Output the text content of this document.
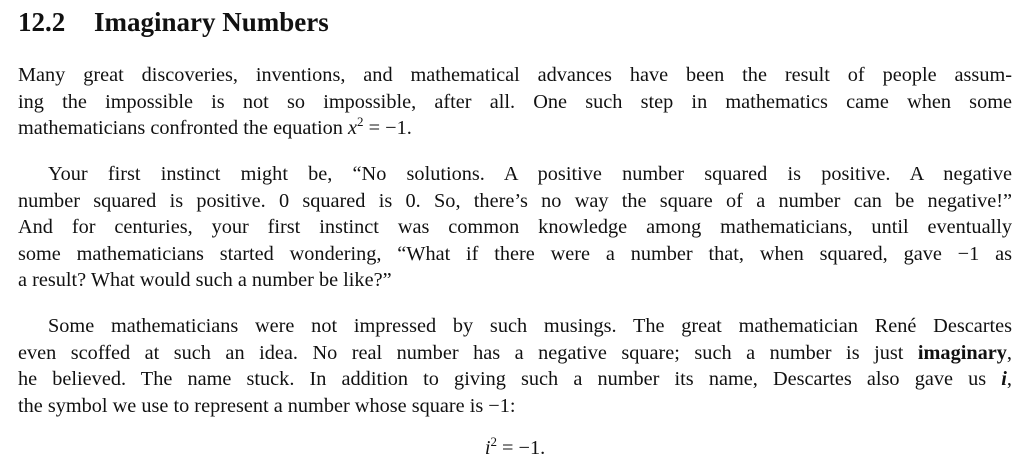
12.2 Imaginary Numbers

Many great discoveries, inventions, and mathematical advances have been the result of people assum-
ing the impossible is not so impossible, after all. One such step in mathematics came when some
mathematicians confronted the equation $x^2 = -1$.

Your first instinct might be, “No solutions. A positive number squared is positive. A negative
number squared is positive. 0 squared is 0. So, there’s no way the square of a number can be negative!”
And for centuries, your first instinct was common knowledge among mathematicians, until eventually
some mathematicians started wondering, “What if there were a number that, when squared, gave −1 as
a result? What would such a number be like?”

Some mathematicians were not impressed by such musings. The great mathematician René Descartes
even scoffed at such an idea. No real number has a negative square; such a number is just imaginary,
he believed. The name stuck. In addition to giving such a number its name, Descartes also gave us i,
the symbol we use to represent a number whose square is −1:

$i^2 = -1$.
